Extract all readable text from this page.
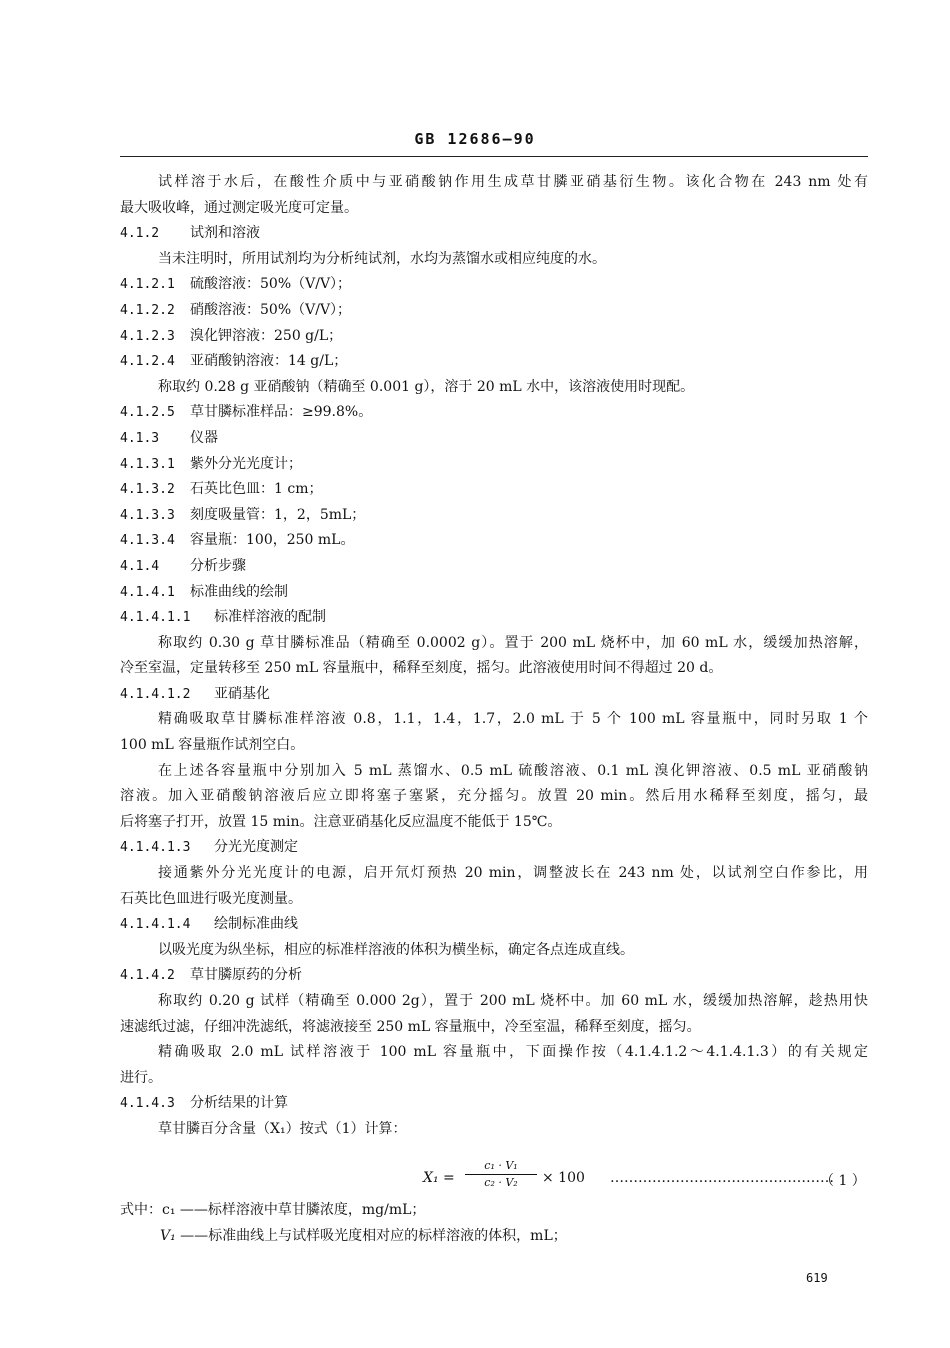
GB 12686—90
试样溶于水后，在酸性介质中与亚硝酸钠作用生成草甘膦亚硝基衍生物。该化合物在 243 nm 处有
最大吸收峰，通过测定吸光度可定量。
4.1.2 试剂和溶液
当未注明时，所用试剂均为分析纯试剂，水均为蒸馏水或相应纯度的水。
4.1.2.1 硫酸溶液：50%（V/V）；
4.1.2.2 硝酸溶液：50%（V/V）；
4.1.2.3 溴化钾溶液：250 g/L；
4.1.2.4 亚硝酸钠溶液：14 g/L；
称取约 0.28 g 亚硝酸钠（精确至 0.001 g），溶于 20 mL 水中，该溶液使用时现配。
4.1.2.5 草甘膦标准样品：≥99.8%。
4.1.3 仪器
4.1.3.1 紫外分光光度计；
4.1.3.2 石英比色皿：1 cm；
4.1.3.3 刻度吸量管：1，2，5mL；
4.1.3.4 容量瓶：100，250 mL。
4.1.4 分析步骤
4.1.4.1 标准曲线的绘制
4.1.4.1.1 标准样溶液的配制
称取约 0.30 g 草甘膦标准品（精确至 0.0002 g）。置于 200 mL 烧杯中，加 60 mL 水，缓缓加热溶解，
冷至室温，定量转移至 250 mL 容量瓶中，稀释至刻度，摇匀。此溶液使用时间不得超过 20 d。
4.1.4.1.2 亚硝基化
精确吸取草甘膦标准样溶液 0.8，1.1，1.4，1.7，2.0 mL 于 5 个 100 mL 容量瓶中，同时另取 1 个
100 mL 容量瓶作试剂空白。
在上述各容量瓶中分别加入 5 mL 蒸馏水、0.5 mL 硫酸溶液、0.1 mL 溴化钾溶液、0.5 mL 亚硝酸钠
溶液。加入亚硝酸钠溶液后应立即将塞子塞紧，充分摇匀。放置 20 min。然后用水稀释至刻度，摇匀，最
后将塞子打开，放置 15 min。注意亚硝基化反应温度不能低于 15℃。
4.1.4.1.3 分光光度测定
接通紫外分光光度计的电源，启开氘灯预热 20 min，调整波长在 243 nm 处，以试剂空白作参比，用
石英比色皿进行吸光度测量。
4.1.4.1.4 绘制标准曲线
以吸光度为纵坐标，相应的标准样溶液的体积为横坐标，确定各点连成直线。
4.1.4.2 草甘膦原药的分析
称取约 0.20 g 试样（精确至 0.000 2g），置于 200 mL 烧杯中。加 60 mL 水，缓缓加热溶解，趁热用快
速滤纸过滤，仔细冲洗滤纸，将滤液接至 250 mL 容量瓶中，冷至室温，稀释至刻度，摇匀。
精确吸取 2.0 mL 试样溶液于 100 mL 容量瓶中，下面操作按（4.1.4.1.2～4.1.4.1.3）的有关规定
进行。
4.1.4.3 分析结果的计算
草甘膦百分含量（X₁）按式（1）计算：
$X_1 = \frac{\text{c₁ · V₁}}{\text{c₂ · V₂}} \times 100$ …………………………………………
（ 1 ）
式中：c₁ ——标样溶液中草甘膦浓度，mg/mL；
V₁ ——标准曲线上与试样吸光度相对应的标样溶液的体积，mL；
619
